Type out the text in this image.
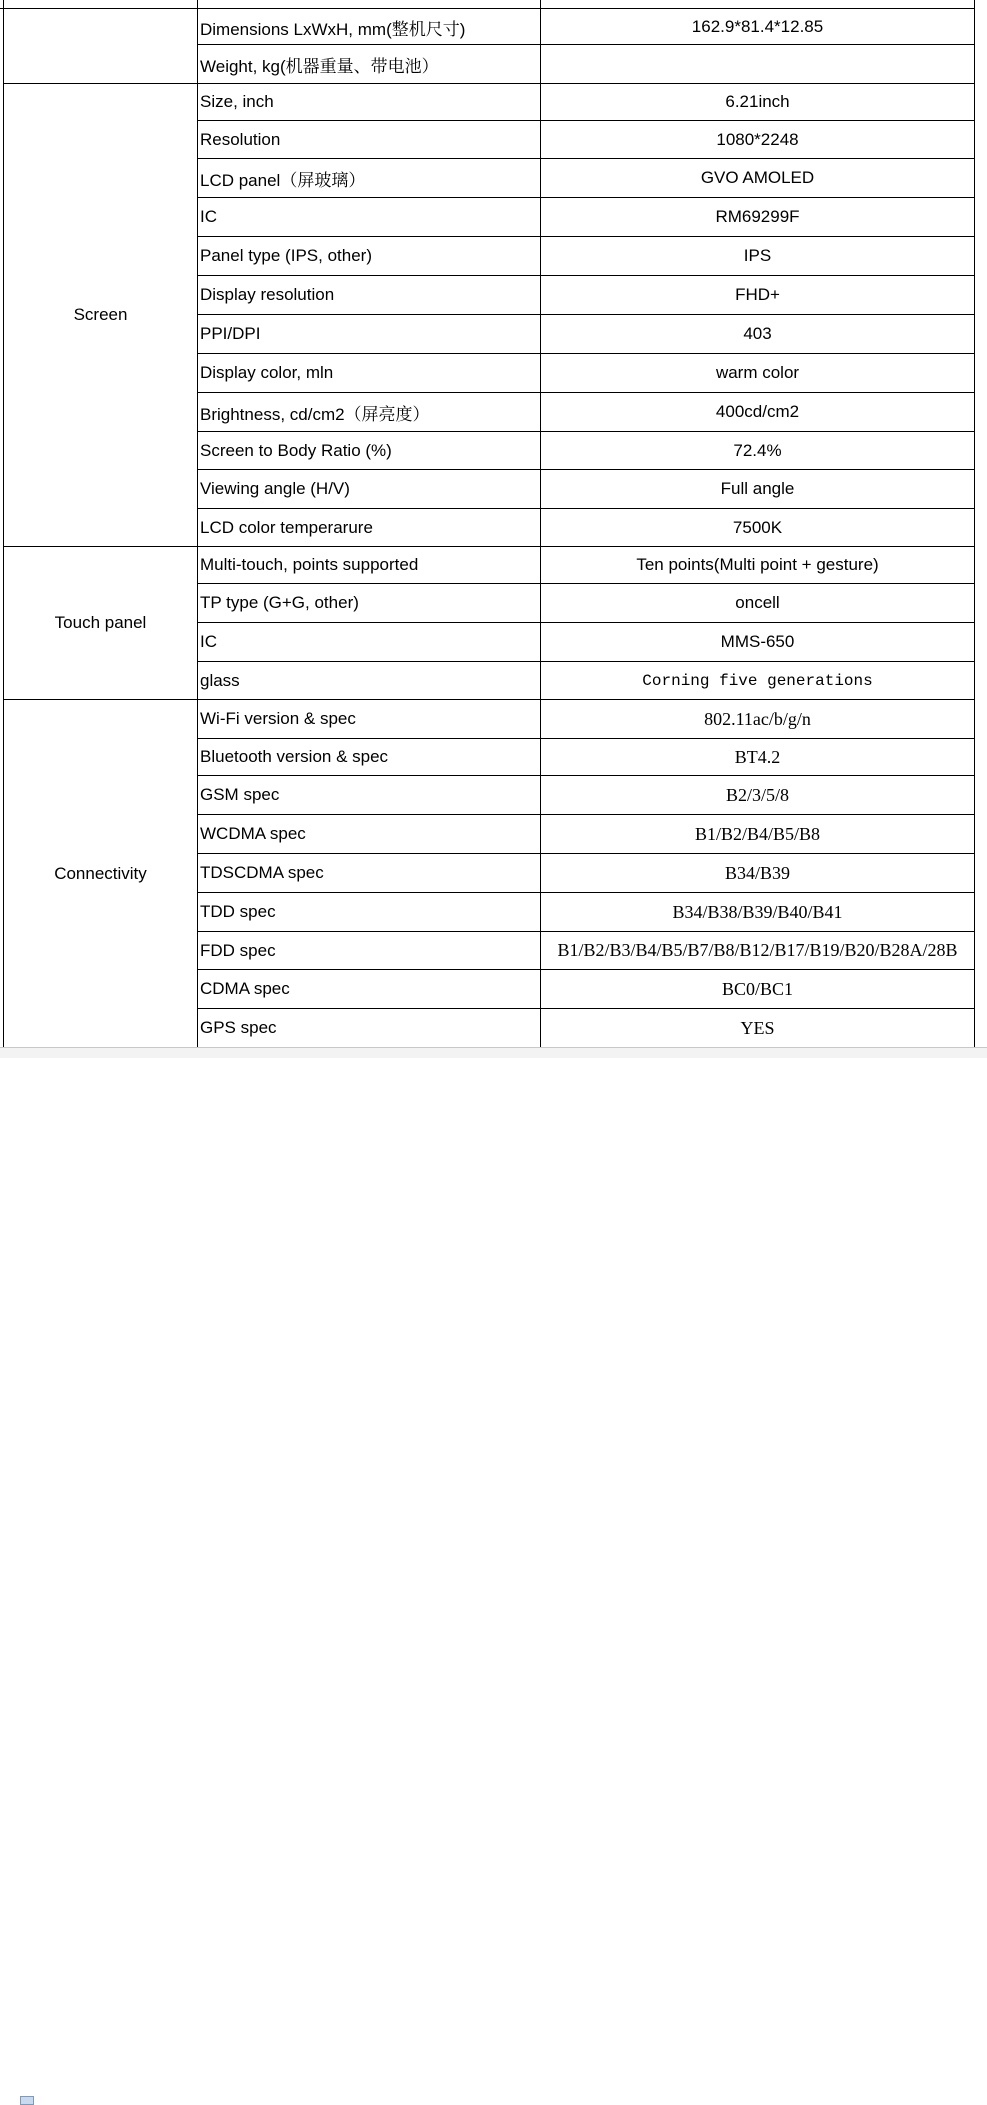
Dimensions LxWxH, mm(整机尺寸)	162.9*81.4*12.85
Weight, kg(机器重量、带电池）
Size, inch	6.21inch
Resolution	1080*2248
LCD panel（屏玻璃）	GVO AMOLED
IC	RM69299F
Panel type (IPS, other)	IPS
Display resolution	FHD+
PPI/DPI	403
Display color, mln	warm color
Brightness, cd/cm2（屏亮度）	400cd/cm2
Screen to Body Ratio (%)	72.4%
Viewing angle (H/V)	Full angle
LCD color temperarure	7500K
Screen
Multi-touch, points supported	Ten points(Multi point + gesture)
TP type (G+G, other)	oncell
IC	MMS-650
glass	Corning five generations
Touch panel
Wi-Fi version & spec	802.11ac/b/g/n
Bluetooth version & spec	BT4.2
GSM spec	B2/3/5/8
WCDMA spec	B1/B2/B4/B5/B8
TDSCDMA spec	B34/B39
TDD spec	B34/B38/B39/B40/B41
FDD spec	B1/B2/B3/B4/B5/B7/B8/B12/B17/B19/B20/B28A/28B
CDMA spec	BC0/BC1
GPS spec	YES
Connectivity
